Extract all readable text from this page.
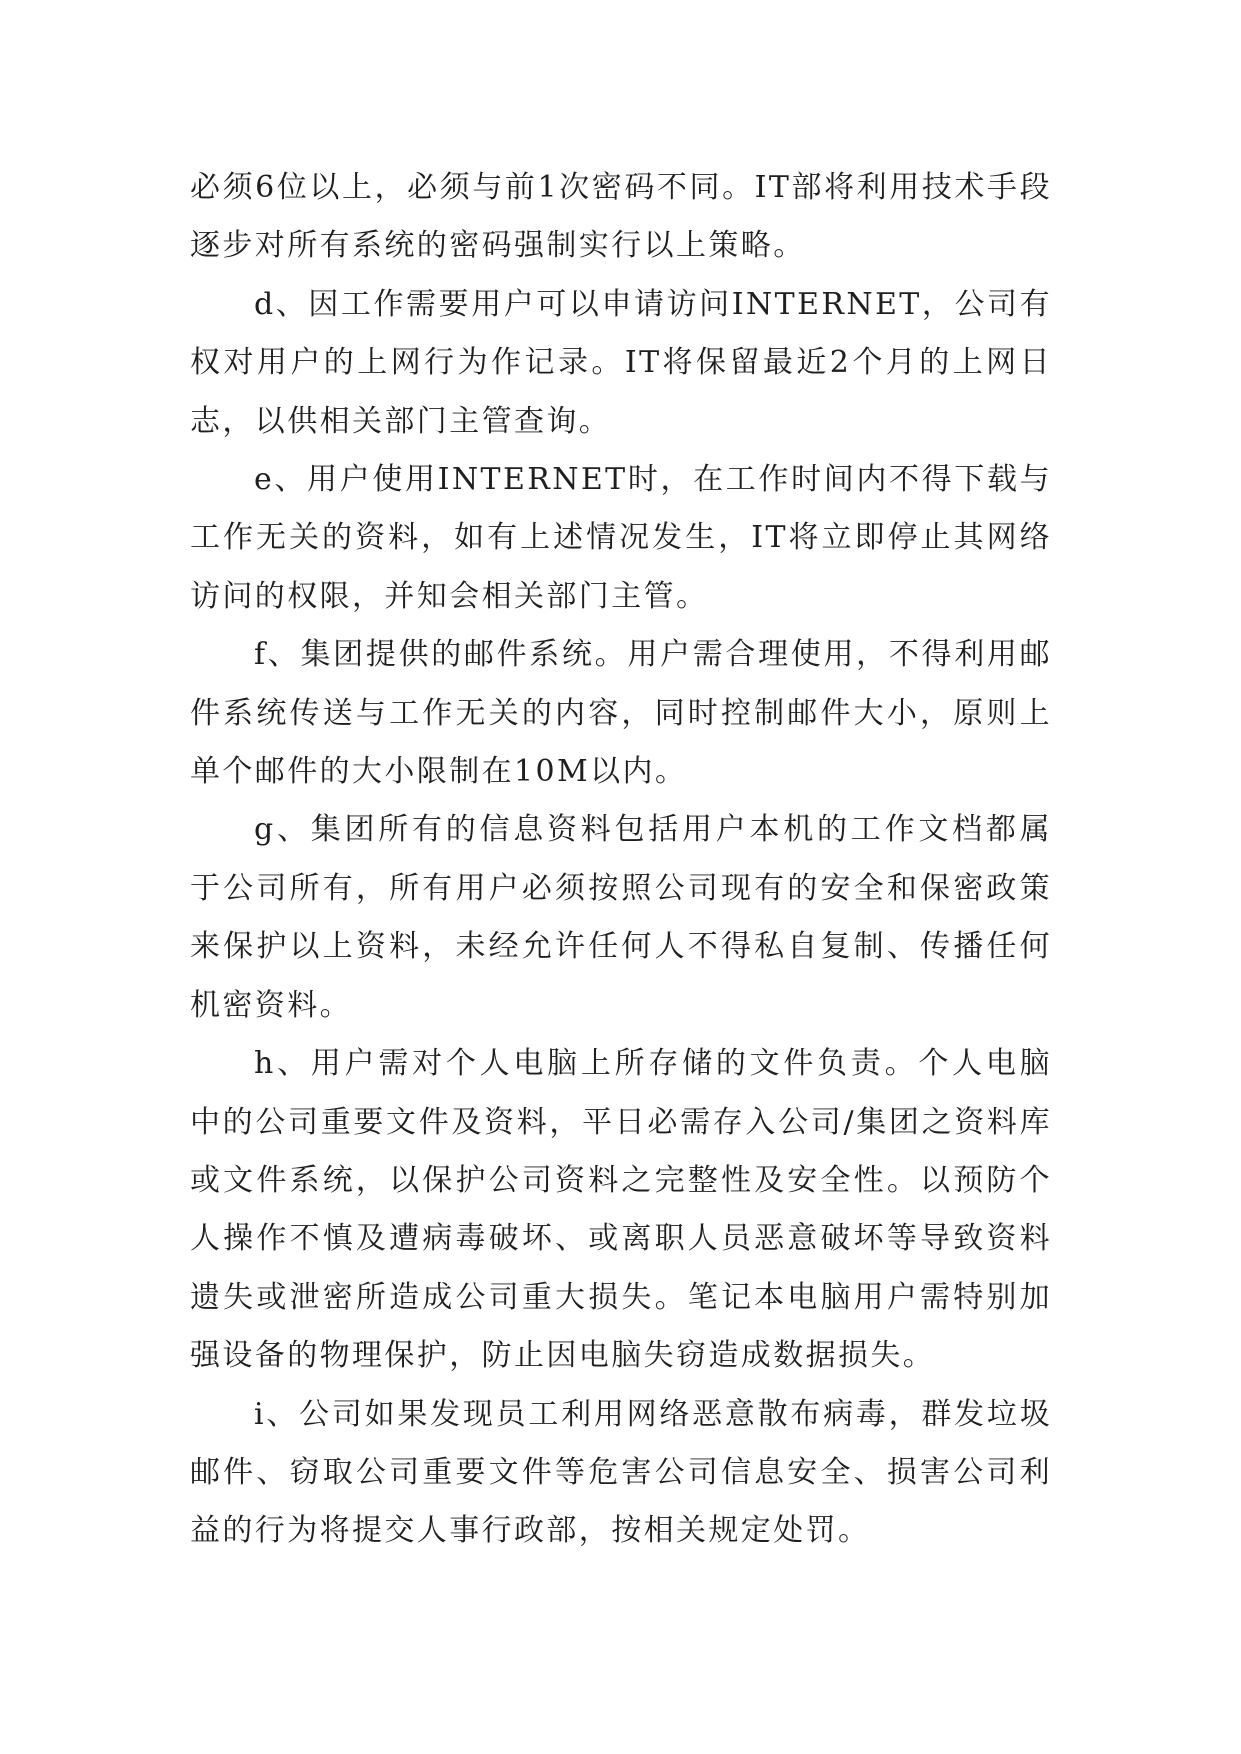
必须6位以上，必须与前1次密码不同。IT部将利用技术手段逐步对所有系统的密码强制实行以上策略。

d、因工作需要用户可以申请访问INTERNET，公司有权对用户的上网行为作记录。IT将保留最近2个月的上网日志，以供相关部门主管查询。

e、用户使用INTERNET时，在工作时间内不得下载与工作无关的资料，如有上述情况发生，IT将立即停止其网络访问的权限，并知会相关部门主管。

f、集团提供的邮件系统。用户需合理使用，不得利用邮件系统传送与工作无关的内容，同时控制邮件大小，原则上单个邮件的大小限制在10M以内。

g、集团所有的信息资料包括用户本机的工作文档都属于公司所有，所有用户必须按照公司现有的安全和保密政策来保护以上资料，未经允许任何人不得私自复制、传播任何机密资料。

h、用户需对个人电脑上所存储的文件负责。个人电脑中的公司重要文件及资料，平日必需存入公司/集团之资料库或文件系统，以保护公司资料之完整性及安全性。以预防个人操作不慎及遭病毒破坏、或离职人员恶意破坏等导致资料遗失或泄密所造成公司重大损失。笔记本电脑用户需特别加强设备的物理保护，防止因电脑失窃造成数据损失。

i、公司如果发现员工利用网络恶意散布病毒，群发垃圾邮件、窃取公司重要文件等危害公司信息安全、损害公司利益的行为将提交人事行政部，按相关规定处罚。
